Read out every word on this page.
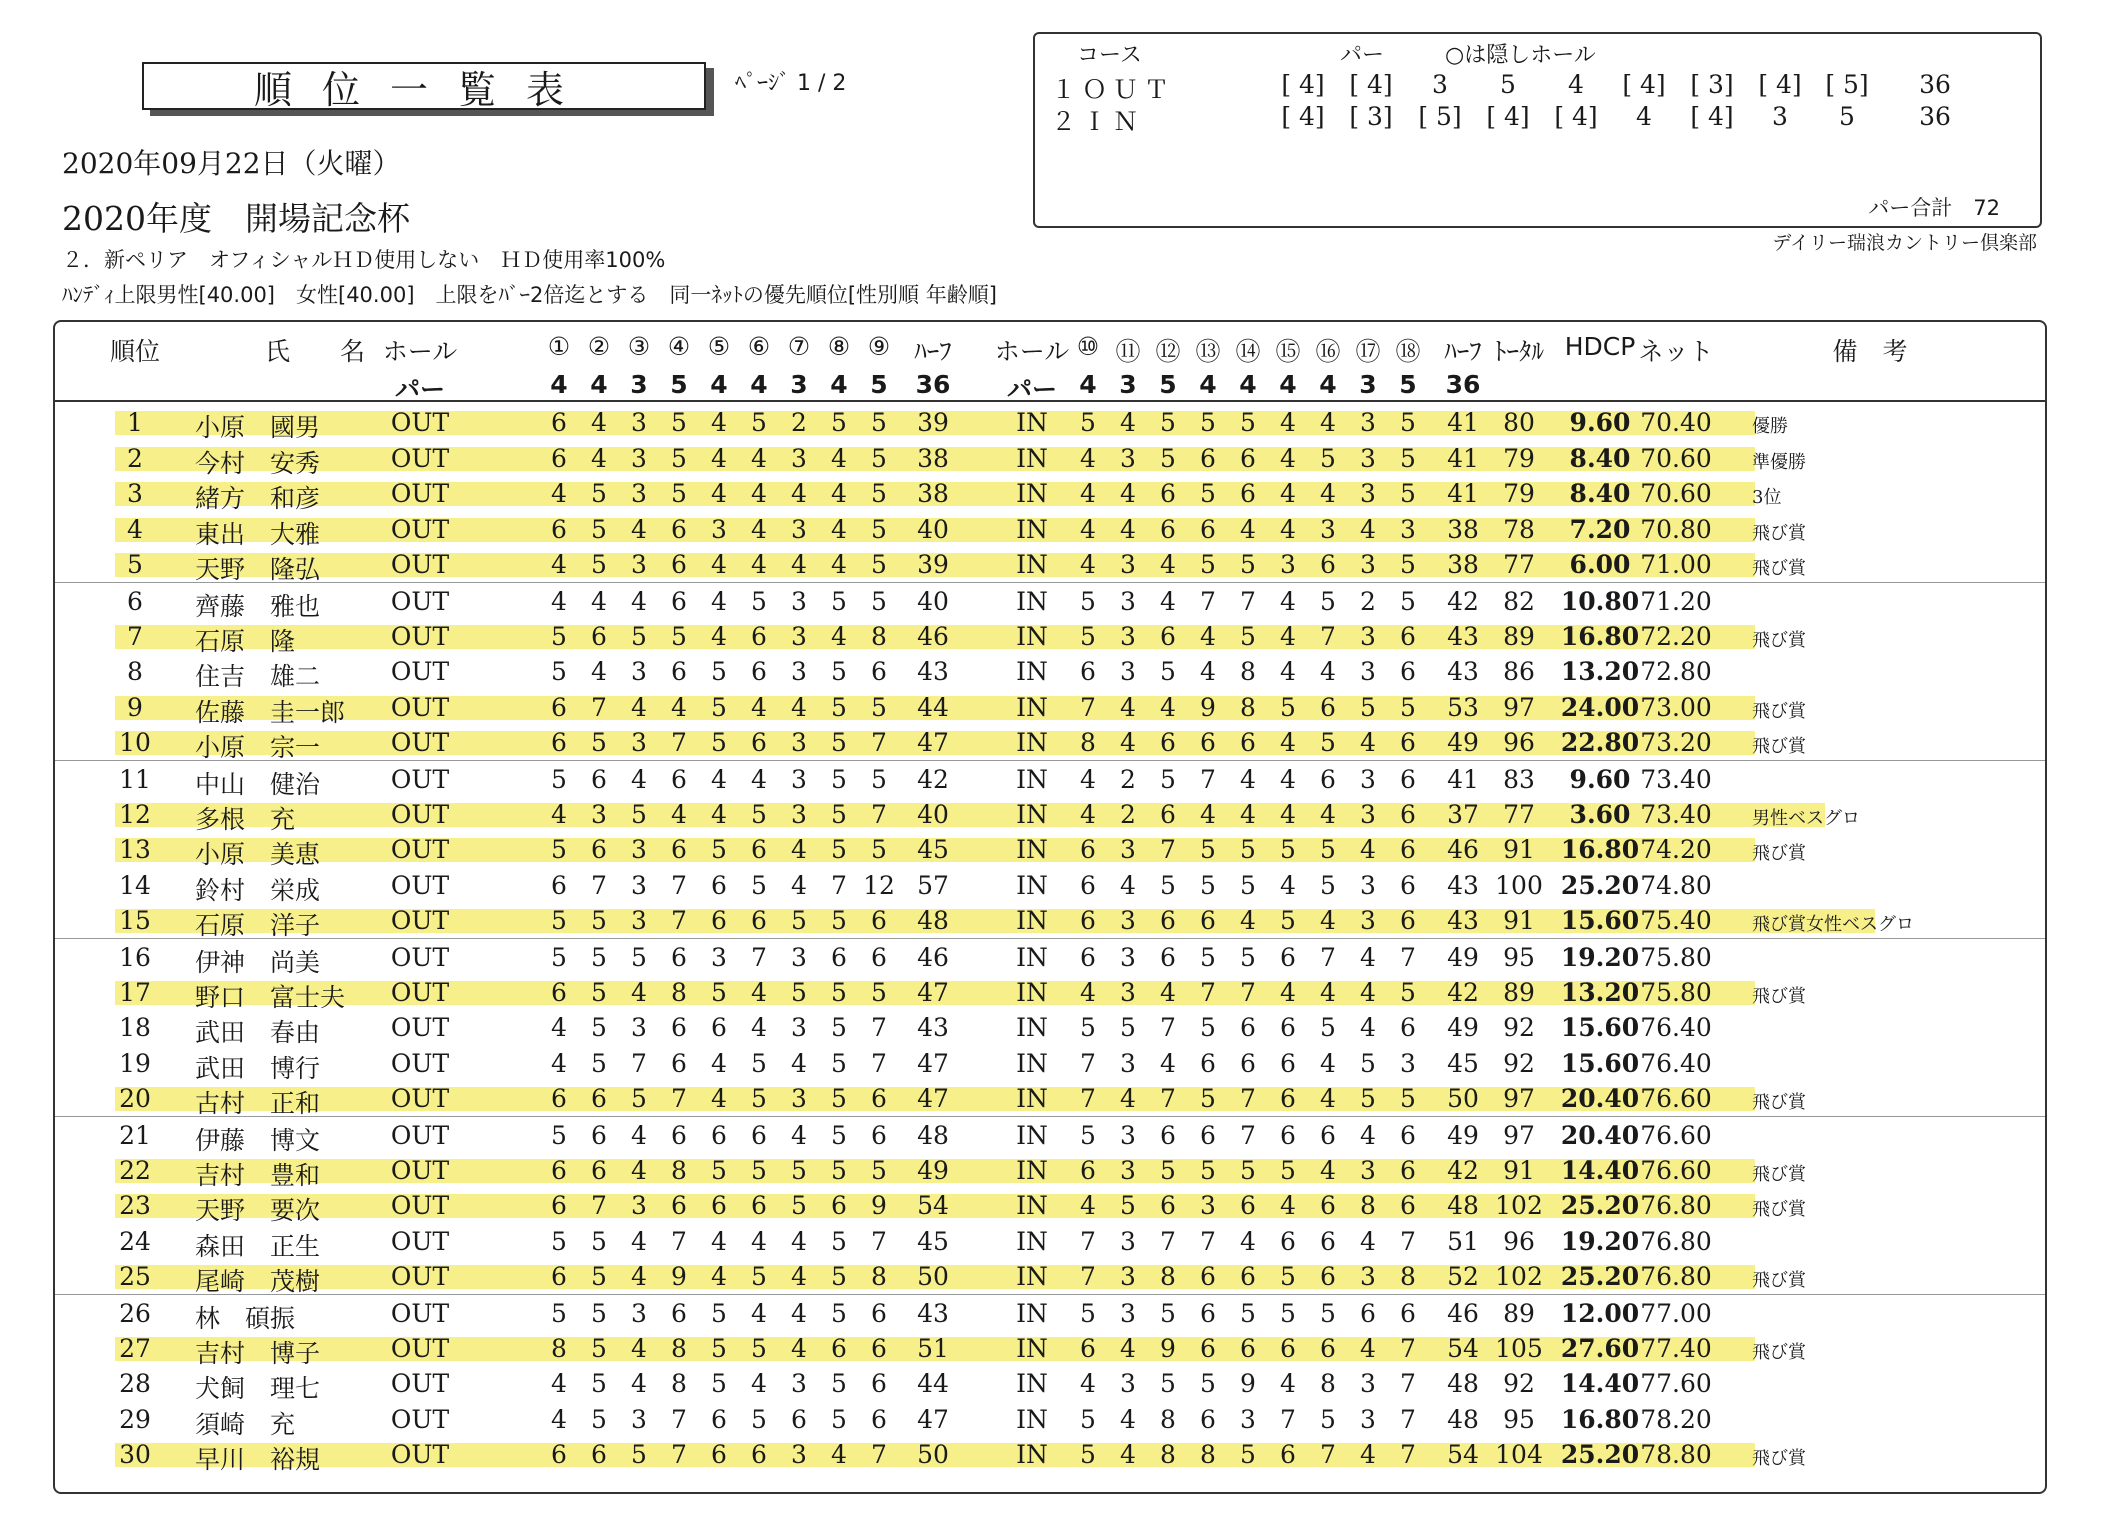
順位一覧表	ﾍﾟｰｼﾞ 1 / 2
2020年09月22日（火曜）
2020年度　開場記念杯
２．新ペリア　オフィシャルＨＤ使用しない　ＨＤ使用率100%
ﾊﾝﾃﾞｨ上限男性[40.00]　女性[40.00]　上限をﾊﾞｰ2倍迄とする　同一ﾈｯﾄの優先順位[性別順 年齢順]
コース	パー	○は隠しホール
１ＯＵＴ	[ 4] [ 4]	3	5	4	[ 4] [ 3] [ 4] [ 5]	36
２ＩＮ	[ 4] [ 3]	[ 5] [ 4] [ 4]	4	[ 4]	3	5	36
パー合計　72
デイリー瑞浪カントリー倶楽部
順位	氏　　名 ホール	① ② ③ ④ ⑤ ⑥ ⑦ ⑧ ⑨ ﾊｰﾌ ホール ⑩ ⑪ ⑫ ⑬ ⑭ ⑮ ⑯ ⑰ ⑱ ﾊｰﾌ ﾄｰﾀﾙ HDCP ネット	備　考
パー	4 4 3 5 4 4 3 4 5	36	パー 4 3 5 4 4 4 4 3 5	36
1	小原　國男	OUT	6 4 3 5 4 5 2 5 5	39	IN	5 4 5 5 5 4 4 3 5	41 80	9.60 70.40	優勝
2	今村　安秀	OUT	6 4 3 5 4 4 3 4 5	38	IN	4 3 5 6 6 4 5 3 5	41 79	8.40 70.60	準優勝
3	緒方　和彦	OUT	4 5 3 5 4 4 4 4 5	38	IN	4 4 6 5 6 4 4 3 5	41 79	8.40 70.60	3位
4	東出　大雅	OUT	6 5 4 6 3 4 3 4 5	40	IN	4 4 6 6 4 4 3 4 3	38 78	7.20 70.80	飛び賞
5	天野　隆弘	OUT	4 5 3 6 4 4 4 4 5	39	IN	4 3 4 5 5 3 6 3 5	38 77	6.00 71.00	飛び賞
6	齊藤　雅也	OUT	4 4 4 6 4 5 3 5 5	40	IN	5 3 4 7 7 4 5 2 5	42 82	10.80 71.20
7	石原　隆	OUT	5 6 5 5 4 6 3 4 8	46	IN	5 3 6 4 5 4 7 3 6	43 89	16.80 72.20	飛び賞
8	住吉　雄二	OUT	5 4 3 6 5 6 3 5 6	43	IN	6 3 5 4 8 4 4 3 6	43 86	13.20 72.80
9	佐藤　圭一郎	OUT	6 7 4 4 5 4 4 5 5	44	IN	7 4 4 9 8 5 6 5 5	53 97	24.00 73.00	飛び賞
10	小原　宗一	OUT	6 5 3 7 5 6 3 5 7	47	IN	8 4 6 6 6 4 5 4 6	49 96	22.80 73.20	飛び賞
11	中山　健治	OUT	5 6 4 6 4 4 3 5 5	42	IN	4 2 5 7 4 4 6 3 6	41 83	9.60 73.40
12	多根　充	OUT	4 3 5 4 4 5 3 5 7	40	IN	4 2 6 4 4 4 4 3 6	37 77	3.60 73.40	男性ベスグロ
13	小原　美恵	OUT	5 6 3 6 5 6 4 5 5	45	IN	6 3 7 5 5 5 5 4 6	46 91	16.80 74.20	飛び賞
14	鈴村　栄成	OUT	6 7 3 7 6 5 4 7 12 57	IN	6 4 5 5 5 4 5 3 6	43 100 25.20 74.80
15	石原　洋子	OUT	5 5 3 7 6 6 5 5 6	48	IN	6 3 6 6 4 5 4 3 6	43 91	15.60 75.40	飛び賞女性ベスグロ
16	伊神　尚美	OUT	5 5 5 6 3 7 3 6 6	46	IN	6 3 6 5 5 6 7 4 7	49 95	19.20 75.80
17	野口　富士夫	OUT	6 5 4 8 5 4 5 5 5	47	IN	4 3 4 7 7 4 4 4 5	42 89	13.20 75.80	飛び賞
18	武田　春由	OUT	4 5 3 6 6 4 3 5 7	43	IN	5 5 7 5 6 6 5 4 6	49 92	15.60 76.40
19	武田　博行	OUT	4 5 7 6 4 5 4 5 7	47	IN	7 3 4 6 6 6 4 5 3	45 92	15.60 76.40
20	古村　正和	OUT	6 6 5 7 4 5 3 5 6	47	IN	7 4 7 5 7 6 4 5 5	50 97	20.40 76.60	飛び賞
21	伊藤　博文	OUT	5 6 4 6 6 6 4 5 6	48	IN	5 3 6 6 7 6 6 4 6	49 97	20.40 76.60
22	吉村　豊和	OUT	6 6 4 8 5 5 5 5 5	49	IN	6 3 5 5 5 5 4 3 6	42 91	14.40 76.60	飛び賞
23	天野　要次	OUT	6 7 3 6 6 6 5 6 9	54	IN	4 5 6 3 6 4 6 8 6	48 102 25.20 76.80	飛び賞
24	森田　正生	OUT	5 5 4 7 4 4 4 5 7	45	IN	7 3 7 7 4 6 6 4 7	51 96	19.20 76.80
25	尾崎　茂樹	OUT	6 5 4 9 4 5 4 5 8	50	IN	7 3 8 6 6 5 6 3 8	52 102 25.20 76.80	飛び賞
26	林　碩振	OUT	5 5 3 6 5 4 4 5 6	43	IN	5 3 5 6 5 5 5 6 6	46 89	12.00 77.00
27	吉村　博子	OUT	8 5 4 8 5 5 4 6 6	51	IN	6 4 9 6 6 6 6 4 7	54 105 27.60 77.40	飛び賞
28	犬飼　理七	OUT	4 5 4 8 5 4 3 5 6	44	IN	4 3 5 5 9 4 8 3 7	48 92	14.40 77.60
29	須崎　充	OUT	4 5 3 7 6 5 6 5 6	47	IN	5 4 8 6 3 7 5 3 7	48 95	16.80 78.20
30	早川　裕規	OUT	6 6 5 7 6 6 3 4 7	50	IN	5 4 8 8 5 6 7 4 7	54 104 25.20 78.80	飛び賞
